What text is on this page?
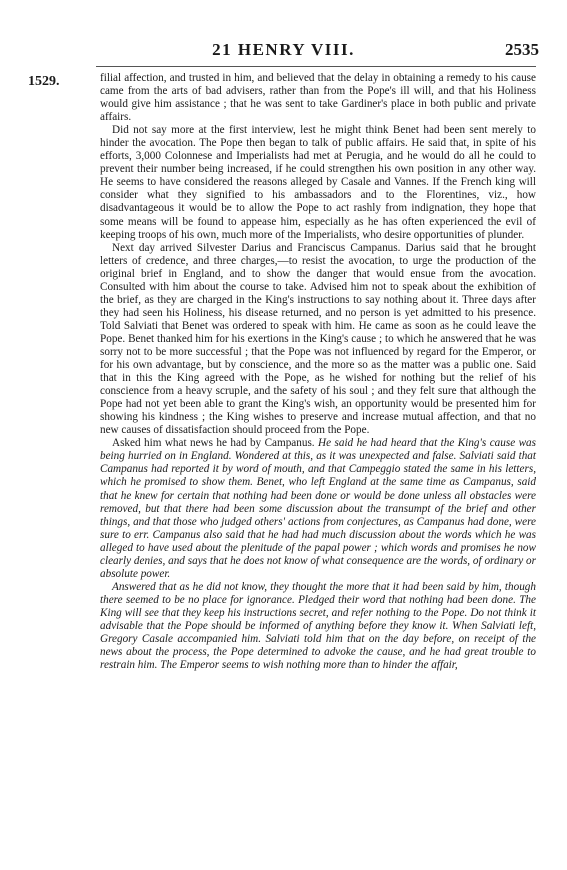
21 HENRY VIII.	2535
1529.	filial affection, and trusted in him, and believed that the delay in obtaining a remedy to his cause came from the arts of bad advisers, rather than from the Pope's ill will, and that his Holiness would give him assistance ; that he was sent to take Gardiner's place in both public and private affairs.

Did not say more at the first interview, lest he might think Benet had been sent merely to hinder the avocation. The Pope then began to talk of public affairs. He said that, in spite of his efforts, 3,000 Colonnese and Imperialists had met at Perugia, and he would do all he could to prevent their number being increased, if he could strengthen his own position in any other way. He seems to have considered the reasons alleged by Casale and Vannes. If the French king will consider what they signified to his ambassadors and to the Florentines, viz., how disadvantageous it would be to allow the Pope to act rashly from indignation, they hope that some means will be found to appease him, especially as he has often experienced the evil of keeping troops of his own, much more of the Imperialists, who desire opportunities of plunder.

Next day arrived Silvester Darius and Franciscus Campanus. Darius said that he brought letters of credence, and three charges,—to resist the avocation, to urge the production of the original brief in England, and to show the danger that would ensue from the avocation. Consulted with him about the course to take. Advised him not to speak about the exhibition of the brief, as they are charged in the King's instructions to say nothing about it. Three days after they had seen his Holiness, his disease returned, and no person is yet admitted to his presence. Told Salviati that Benet was ordered to speak with him. He came as soon as he could leave the Pope. Benet thanked him for his exertions in the King's cause ; to which he answered that he was sorry not to be more successful ; that the Pope was not influenced by regard for the Emperor, or for his own advantage, but by conscience, and the more so as the matter was a public one. Said that in this the King agreed with the Pope, as he wished for nothing but the relief of his conscience from a heavy scruple, and the safety of his soul ; and they felt sure that although the Pope had not yet been able to grant the King's wish, an opportunity would be presented him for showing his kindness ; the King wishes to preserve and increase mutual affection, and that no new causes of dissatisfaction should proceed from the Pope.

Asked him what news he had by Campanus. He said he had heard that the King's cause was being hurried on in England. Wondered at this, as it was unexpected and false. Salviati said that Campanus had reported it by word of mouth, and that Campeggio stated the same in his letters, which he promised to show them. Benet, who left England at the same time as Campanus, said that he knew for certain that nothing had been done or would be done unless all obstacles were removed, but that there had been some discussion about the transumpt of the brief and other things, and that those who judged others' actions from conjectures, as Campanus had done, were sure to err. Campanus also said that he had had much discussion about the words which he was alleged to have used about the plenitude of the papal power ; which words and promises he now clearly denies, and says that he does not know of what consequence are the words, of ordinary or absolute power.

Answered that as he did not know, they thought the more that it had been said by him, though there seemed to be no place for ignorance. Pledged their word that nothing had been done. The King will see that they keep his instructions secret, and refer nothing to the Pope. Do not think it advisable that the Pope should be informed of anything before they know it. When Salviati left, Gregory Casale accompanied him. Salviati told him that on the day before, on receipt of the news about the process, the Pope determined to advoke the cause, and he had great trouble to restrain him. The Emperor seems to wish nothing more than to hinder the affair,
